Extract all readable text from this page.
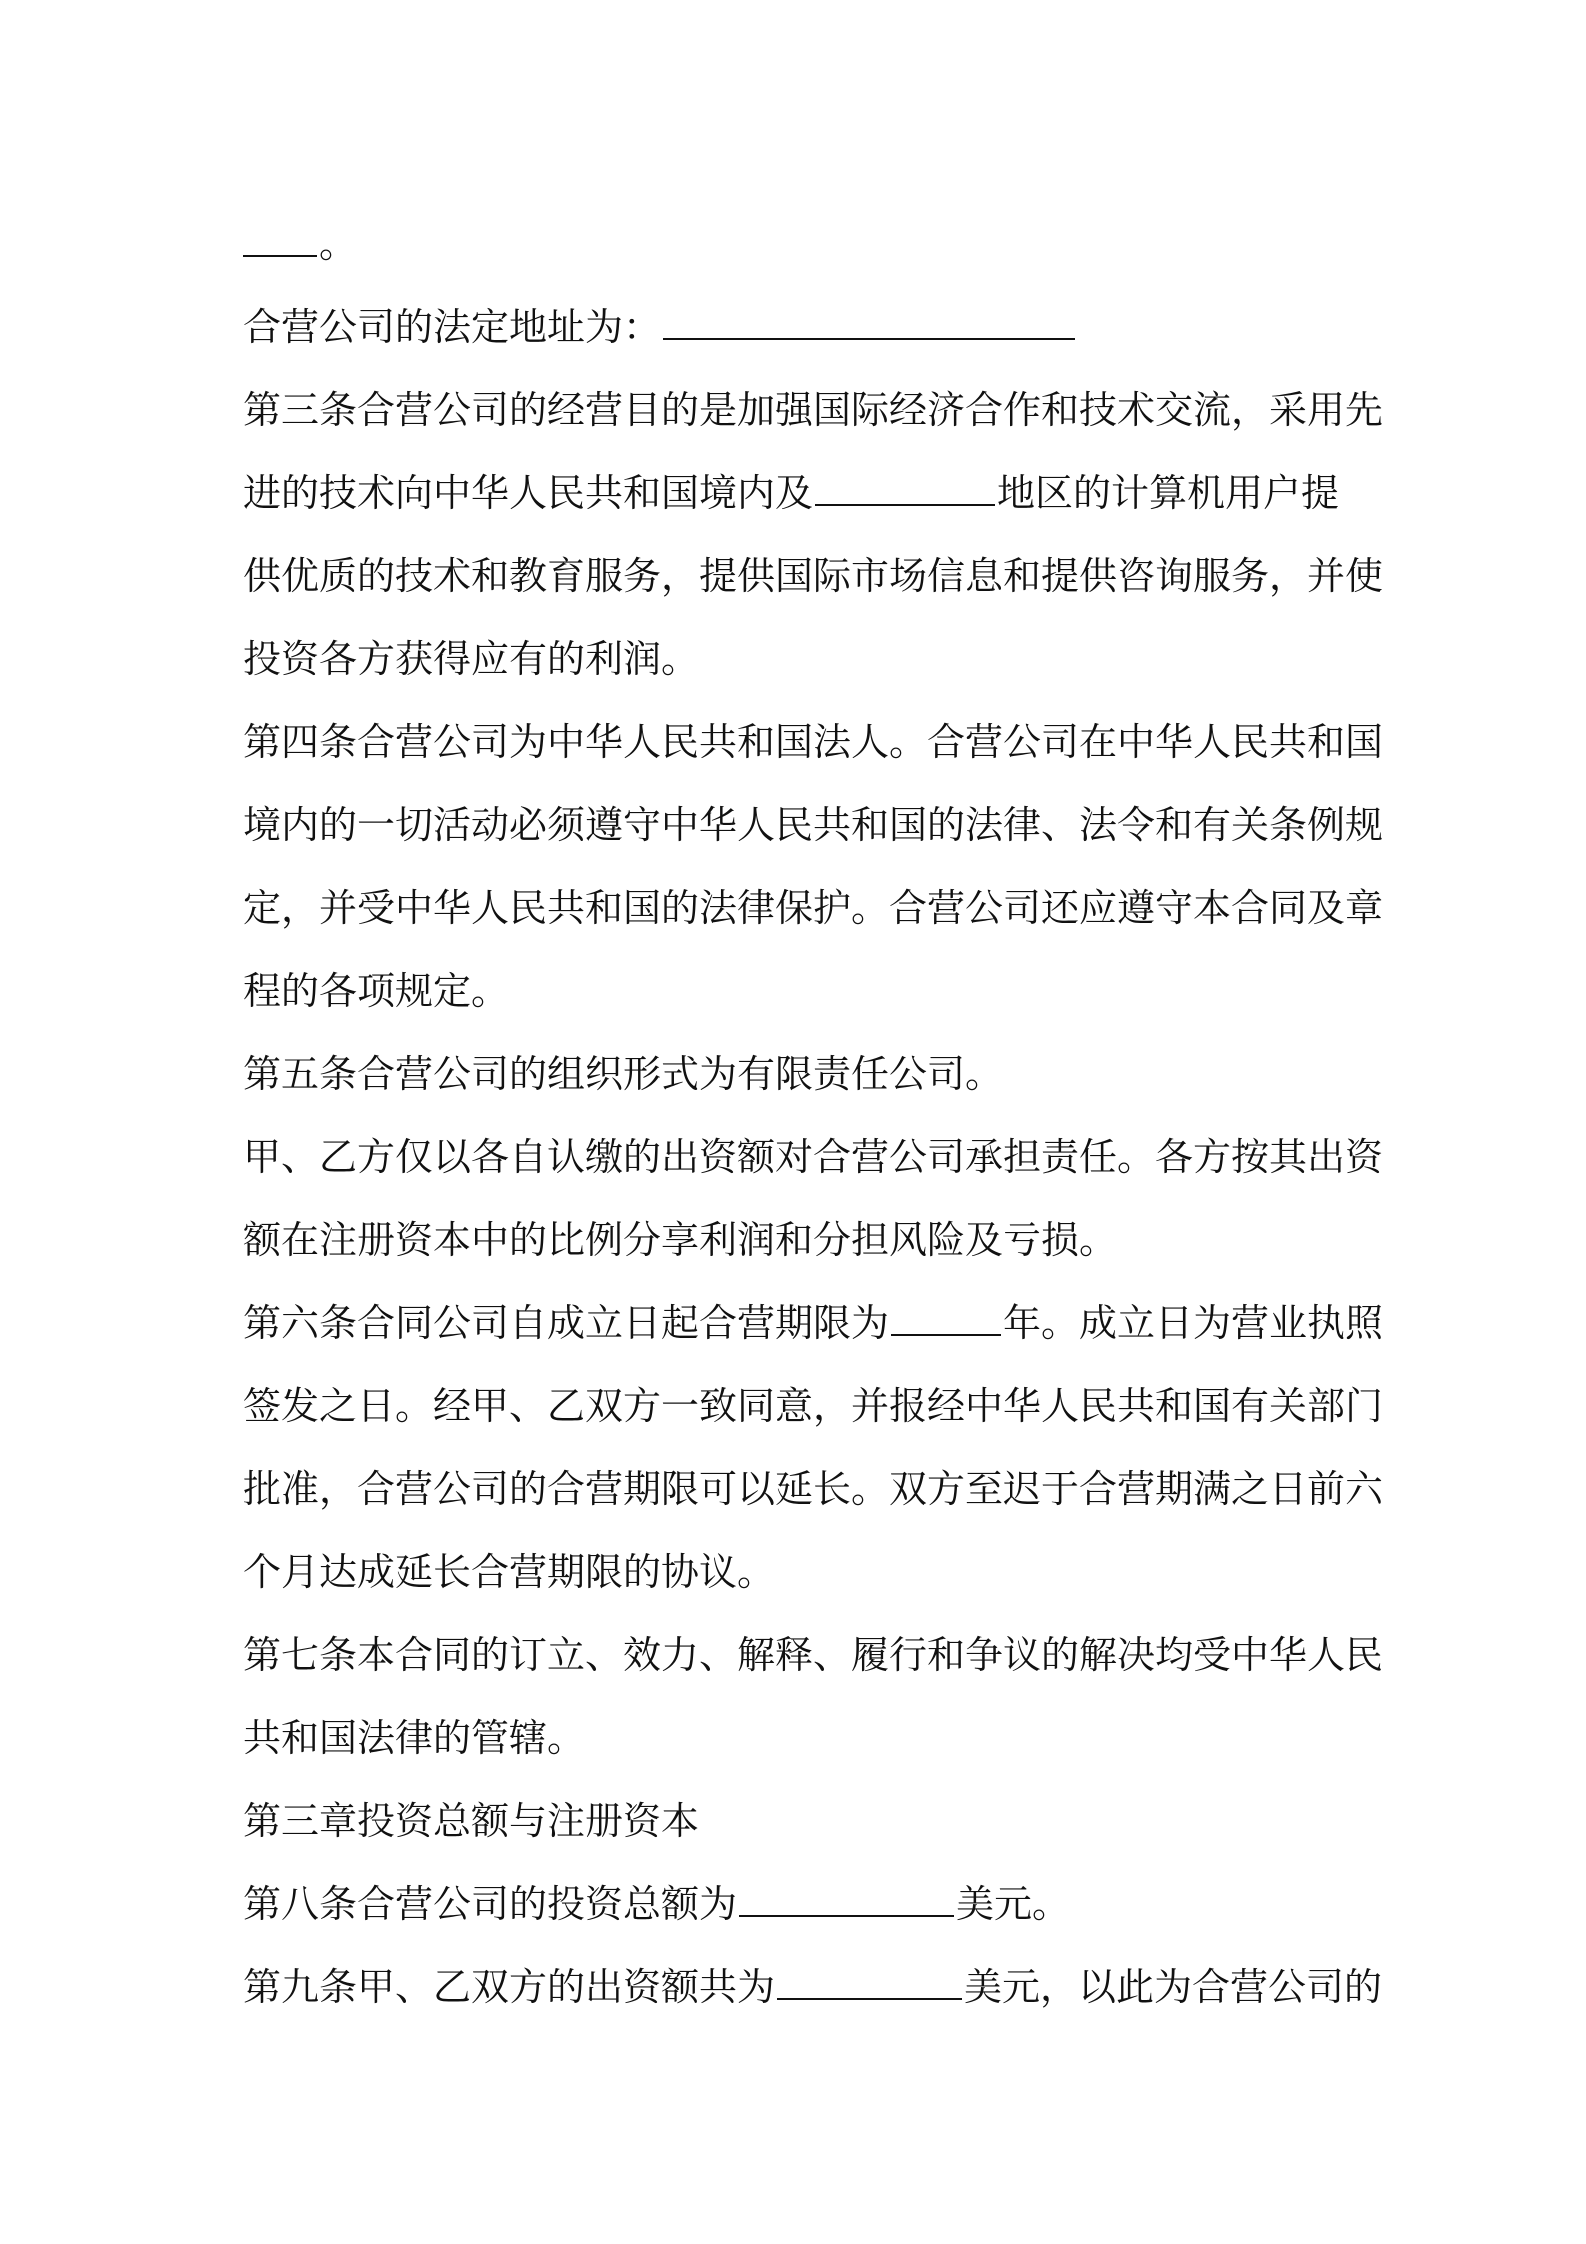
。
合营公司的法定地址为：
第三条合营公司的经营目的是加强国际经济合作和技术交流，采用先
进的技术向中华人民共和国境内及	地区的计算机用户提
供优质的技术和教育服务，提供国际市场信息和提供咨询服务，并使
投资各方获得应有的利润。
第四条合营公司为中华人民共和国法人。合营公司在中华人民共和国
境内的一切活动必须遵守中华人民共和国的法律、法令和有关条例规
定，并受中华人民共和国的法律保护。合营公司还应遵守本合同及章
程的各项规定。
第五条合营公司的组织形式为有限责任公司。
甲、乙方仅以各自认缴的出资额对合营公司承担责任。各方按其出资
额在注册资本中的比例分享利润和分担风险及亏损。
第六条合同公司自成立日起合营期限为	年。成立日为营业执照
签发之日。经甲、乙双方一致同意，并报经中华人民共和国有关部门
批准，合营公司的合营期限可以延长。双方至迟于合营期满之日前六
个月达成延长合营期限的协议。
第七条本合同的订立、效力、解释、履行和争议的解决均受中华人民
共和国法律的管辖。
第三章投资总额与注册资本
第八条合营公司的投资总额为	美元。
第九条甲、乙双方的出资额共为	美元，以此为合营公司的
